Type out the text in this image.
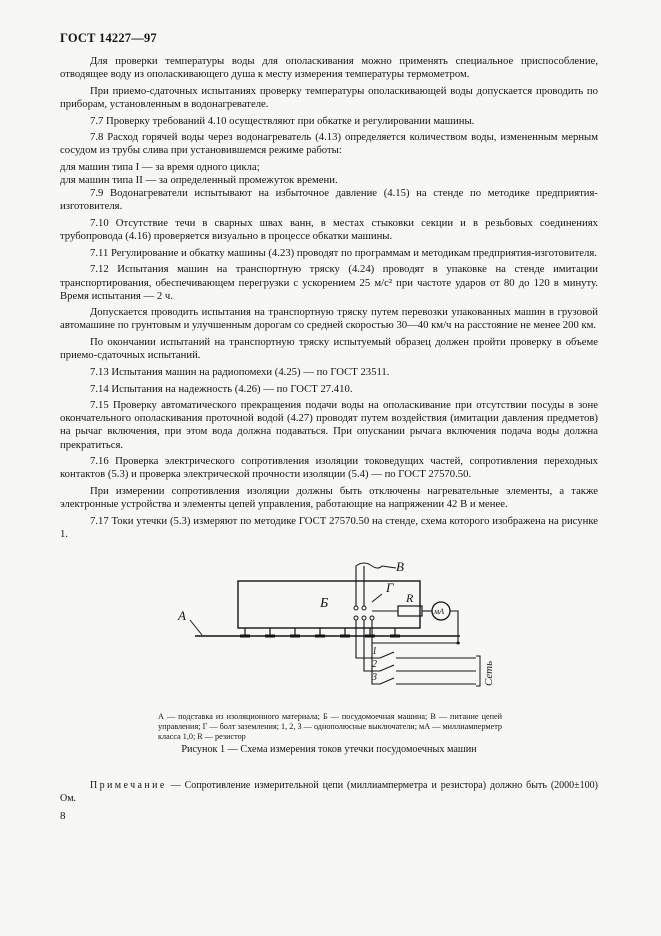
ГОСТ 14227—97

Для проверки температуры воды для ополаскивания можно применять специальное приспособление, отводящее воду из ополаскивающего душа к месту измерения температуры термометром.

При приемо-сдаточных испытаниях проверку температуры ополаскивающей воды допускается проводить по приборам, установленным в водонагревателе.

7.7 Проверку требований 4.10 осуществляют при обкатке и регулировании машины.

7.8 Расход горячей воды через водонагреватель (4.13) определяется количеством воды, измененным мерным сосудом из трубы слива при установившемся режиме работы:

для машин типа I — за время одного цикла;

для машин типа II — за определенный промежуток времени.

7.9 Водонагреватели испытывают на избыточное давление (4.15) на стенде по методике предприятия-изготовителя.

7.10 Отсутствие течи в сварных швах ванн, в местах стыковки секции и в резьбовых соединениях трубопровода (4.16) проверяется визуально в процессе обкатки машины.

7.11 Регулирование и обкатку машины (4.23) проводят по программам и методикам предприятия-изготовителя.

7.12 Испытания машин на транспортную тряску (4.24) проводят в упаковке на стенде имитации транспортирования, обеспечивающем перегрузки с ускорением 25 м/с² при частоте ударов от 80 до 120 в минуту. Время испытания — 2 ч.

Допускается проводить испытания на транспортную тряску путем перевозки упакованных машин в грузовой автомашине по грунтовым и улучшенным дорогам со средней скоростью 30—40 км/ч на расстояние не менее 200 км.

По окончании испытаний на транспортную тряску испытуемый образец должен пройти проверку в объеме приемо-сдаточных испытаний.

7.13 Испытания машин на радиопомехи (4.25) — по ГОСТ 23511.

7.14 Испытания на надежность (4.26) — по ГОСТ 27.410.

7.15 Проверку автоматического прекращения подачи воды на ополаскивание при отсутствии посуды в зоне окончательного ополаскивания проточной водой (4.27) проводят путем воздействия (имитации давления предметов) на рычаг включения, при этом вода должна подаваться. При опускании рычага включения подача воды должна прекратиться.

7.16 Проверка электрического сопротивления изоляции токоведущих частей, сопротивления переходных контактов (5.3) и проверка электрической прочности изоляции (5.4) — по ГОСТ 27570.50.

При измерении сопротивления изоляции должны быть отключены нагревательные элементы, а также электронные устройства и элементы цепей управления, работающие на напряжении 42 В и менее.

7.17 Токи утечки (5.3) измеряют по методике ГОСТ 27570.50 на стенде, схема которого изображена на рисунке 1.

А
Б
В
Г
R
мА
1
2
3	Сеть
А — подставка из изоляционного материала; Б — посудомоечная машина; В — питание цепей управления; Г — болт заземления; 1, 2, 3 — однополюсные выключатели; мА — миллиамперметр класса 1,0; R — резистор
Рисунок 1 — Схема измерения токов утечки посудомоечных машин
Примечание — Сопротивление измерительной цепи (миллиамперметра и резистора) должно быть (2000±100) Ом.
8
